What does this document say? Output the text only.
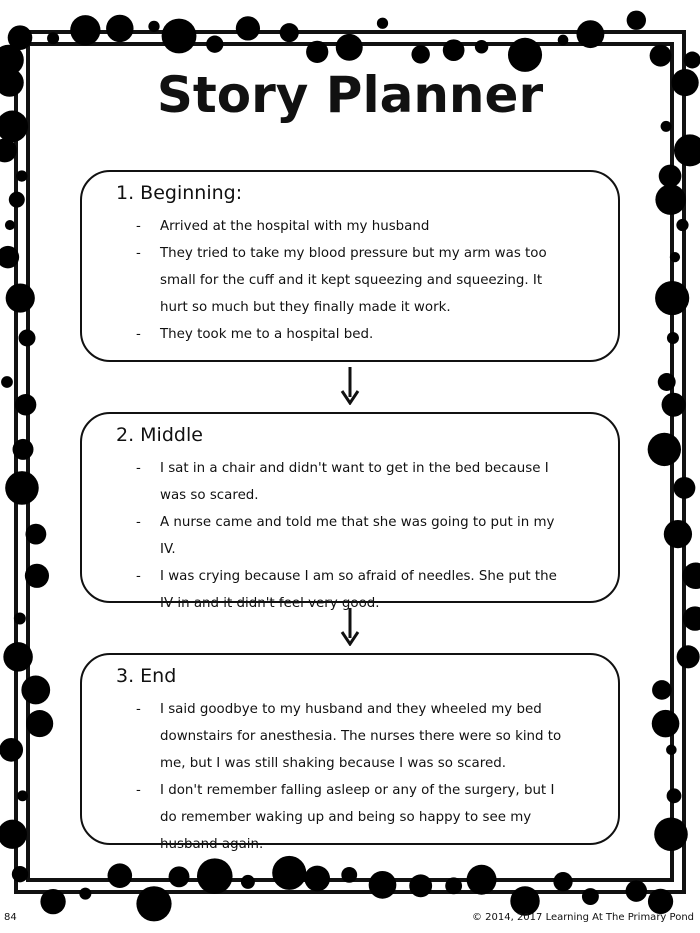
Story Planner
1. Beginning:
- Arrived at the hospital with my husband
- They tried to take my blood pressure but my arm was too small for the cuff and it kept squeezing and squeezing. It hurt so much but they finally made it work.
- They took me to a hospital bed.
2. Middle
- I sat in a chair and didn't want to get in the bed because I was so scared.
- A nurse came and told me that she was going to put in my IV.
- I was crying because I am so afraid of needles. She put the IV in and it didn't feel very good.
3. End
- I said goodbye to my husband and they wheeled my bed downstairs for anesthesia. The nurses there were so kind to me, but I was still shaking because I was so scared.
- I don't remember falling asleep or any of the surgery, but I do remember waking up and being so happy to see my husband again.
84	© 2014, 2017 Learning At The Primary Pond
